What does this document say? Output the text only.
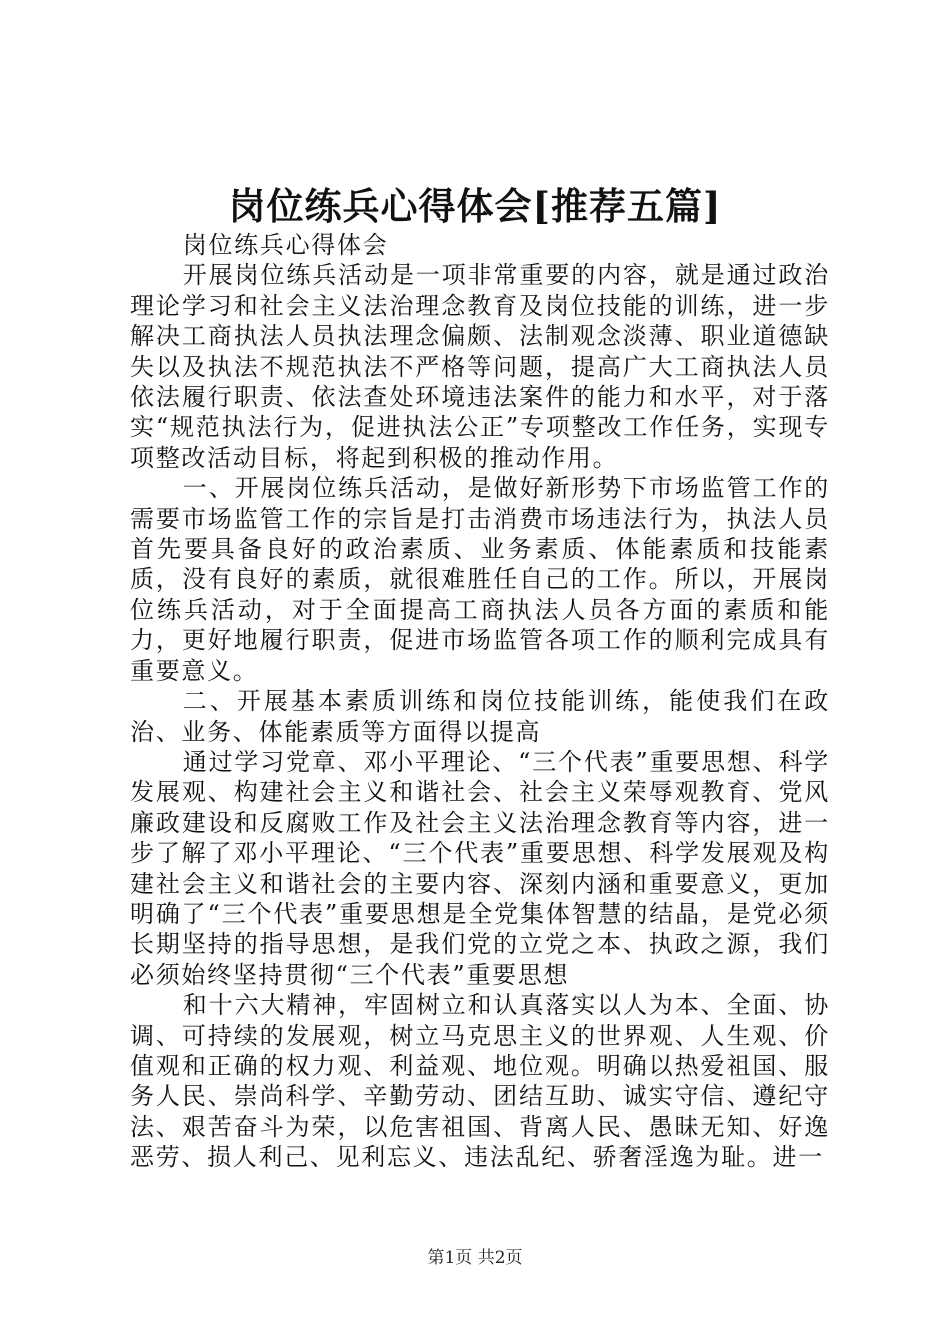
岗位练兵心得体会[推荐五篇]

岗位练兵心得体会

开展岗位练兵活动是一项非常重要的内容，就是通过政治理论学习和社会主义法治理念教育及岗位技能的训练，进一步解决工商执法人员执法理念偏颇、法制观念淡薄、职业道德缺失以及执法不规范执法不严格等问题，提高广大工商执法人员依法履行职责、依法查处环境违法案件的能力和水平，对于落实“规范执法行为，促进执法公正”专项整改工作任务，实现专项整改活动目标，将起到积极的推动作用。

一、开展岗位练兵活动，是做好新形势下市场监管工作的需要市场监管工作的宗旨是打击消费市场违法行为，执法人员首先要具备良好的政治素质、业务素质、体能素质和技能素质，没有良好的素质，就很难胜任自己的工作。所以，开展岗位练兵活动，对于全面提高工商执法人员各方面的素质和能力，更好地履行职责，促进市场监管各项工作的顺利完成具有重要意义。

二、开展基本素质训练和岗位技能训练，能使我们在政治、业务、体能素质等方面得以提高

通过学习党章、邓小平理论、“三个代表”重要思想、科学发展观、构建社会主义和谐社会、社会主义荣辱观教育、党风廉政建设和反腐败工作及社会主义法治理念教育等内容，进一步了解了邓小平理论、“三个代表”重要思想、科学发展观及构建社会主义和谐社会的主要内容、深刻内涵和重要意义，更加明确了“三个代表”重要思想是全党集体智慧的结晶，是党必须长期坚持的指导思想，是我们党的立党之本、执政之源，我们必须始终坚持贯彻“三个代表”重要思想

和十六大精神，牢固树立和认真落实以人为本、全面、协调、可持续的发展观，树立马克思主义的世界观、人生观、价值观和正确的权力观、利益观、地位观。明确以热爱祖国、服务人民、崇尚科学、辛勤劳动、团结互助、诚实守信、遵纪守法、艰苦奋斗为荣，以危害祖国、背离人民、愚昧无知、好逸恶劳、损人利己、见利忘义、违法乱纪、骄奢淫逸为耻。进一

第1页 共2页
